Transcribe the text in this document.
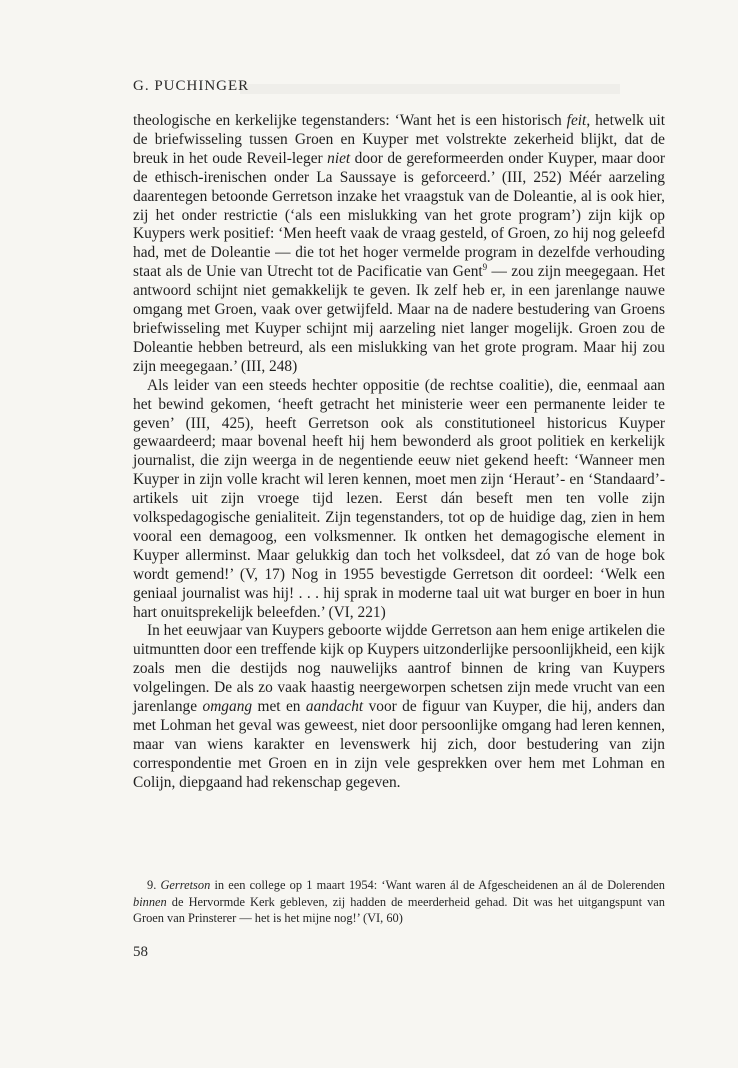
G. PUCHINGER

theologische en kerkelijke tegenstanders: ‘Want het is een historisch feit, hetwelk uit de briefwisseling tussen Groen en Kuyper met volstrekte zekerheid blijkt, dat de breuk in het oude Reveil-leger niet door de gereformeerden onder Kuyper, maar door de ethisch-irenischen onder La Saussaye is geforceerd.’ (III, 252) Méér aarzeling daarentegen betoonde Gerretson inzake het vraagstuk van de Doleantie, al is ook hier, zij het onder restrictie (‘als een mislukking van het grote program’) zijn kijk op Kuypers werk positief: ‘Men heeft vaak de vraag gesteld, of Groen, zo hij nog geleefd had, met de Doleantie — die tot het hoger vermelde program in dezelfde verhouding staat als de Unie van Utrecht tot de Pacificatie van Gent$^9$ — zou zijn meegegaan. Het antwoord schijnt niet gemakkelijk te geven. Ik zelf heb er, in een jarenlange nauwe omgang met Groen, vaak over getwijfeld. Maar na de nadere bestudering van Groens briefwisseling met Kuyper schijnt mij aarzeling niet langer mogelijk. Groen zou de Doleantie hebben betreurd, als een mislukking van het grote program. Maar hij zou zijn meegegaan.’ (III, 248)

Als leider van een steeds hechter oppositie (de rechtse coalitie), die, eenmaal aan het bewind gekomen, ‘heeft getracht het ministerie weer een permanente leider te geven’ (III, 425), heeft Gerretson ook als constitutioneel historicus Kuyper gewaardeerd; maar bovenal heeft hij hem bewonderd als groot politiek en kerkelijk journalist, die zijn weerga in de negentiende eeuw niet gekend heeft: ‘Wanneer men Kuyper in zijn volle kracht wil leren kennen, moet men zijn ‘Heraut’- en ‘Standaard’-artikels uit zijn vroege tijd lezen. Eerst dán beseft men ten volle zijn volkspedagogische genialiteit. Zijn tegenstanders, tot op de huidige dag, zien in hem vooral een demagoog, een volksmenner. Ik ontken het demagogische element in Kuyper allerminst. Maar gelukkig dan toch het volksdeel, dat zó van de hoge bok wordt gemend!’ (V, 17) Nog in 1955 bevestigde Gerretson dit oordeel: ‘Welk een geniaal journalist was hij! . . . hij sprak in moderne taal uit wat burger en boer in hun hart onuitsprekelijk beleefden.’ (VI, 221)

In het eeuwjaar van Kuypers geboorte wijdde Gerretson aan hem enige artikelen die uitmuntten door een treffende kijk op Kuypers uitzonderlijke persoonlijkheid, een kijk zoals men die destijds nog nauwelijks aantrof binnen de kring van Kuypers volgelingen. De als zo vaak haastig neergeworpen schetsen zijn mede vrucht van een jarenlange omgang met en aandacht voor de figuur van Kuyper, die hij, anders dan met Lohman het geval was geweest, niet door persoonlijke omgang had leren kennen, maar van wiens karakter en levenswerk hij zich, door bestudering van zijn correspondentie met Groen en in zijn vele gesprekken over hem met Lohman en Colijn, diepgaand had rekenschap gegeven.

9. Gerretson in een college op 1 maart 1954: ‘Want waren ál de Afgescheidenen an ál de Dolerenden binnen de Hervormde Kerk gebleven, zij hadden de meerderheid gehad. Dit was het uitgangspunt van Groen van Prinsterer — het is het mijne nog!’ (VI, 60)
58
